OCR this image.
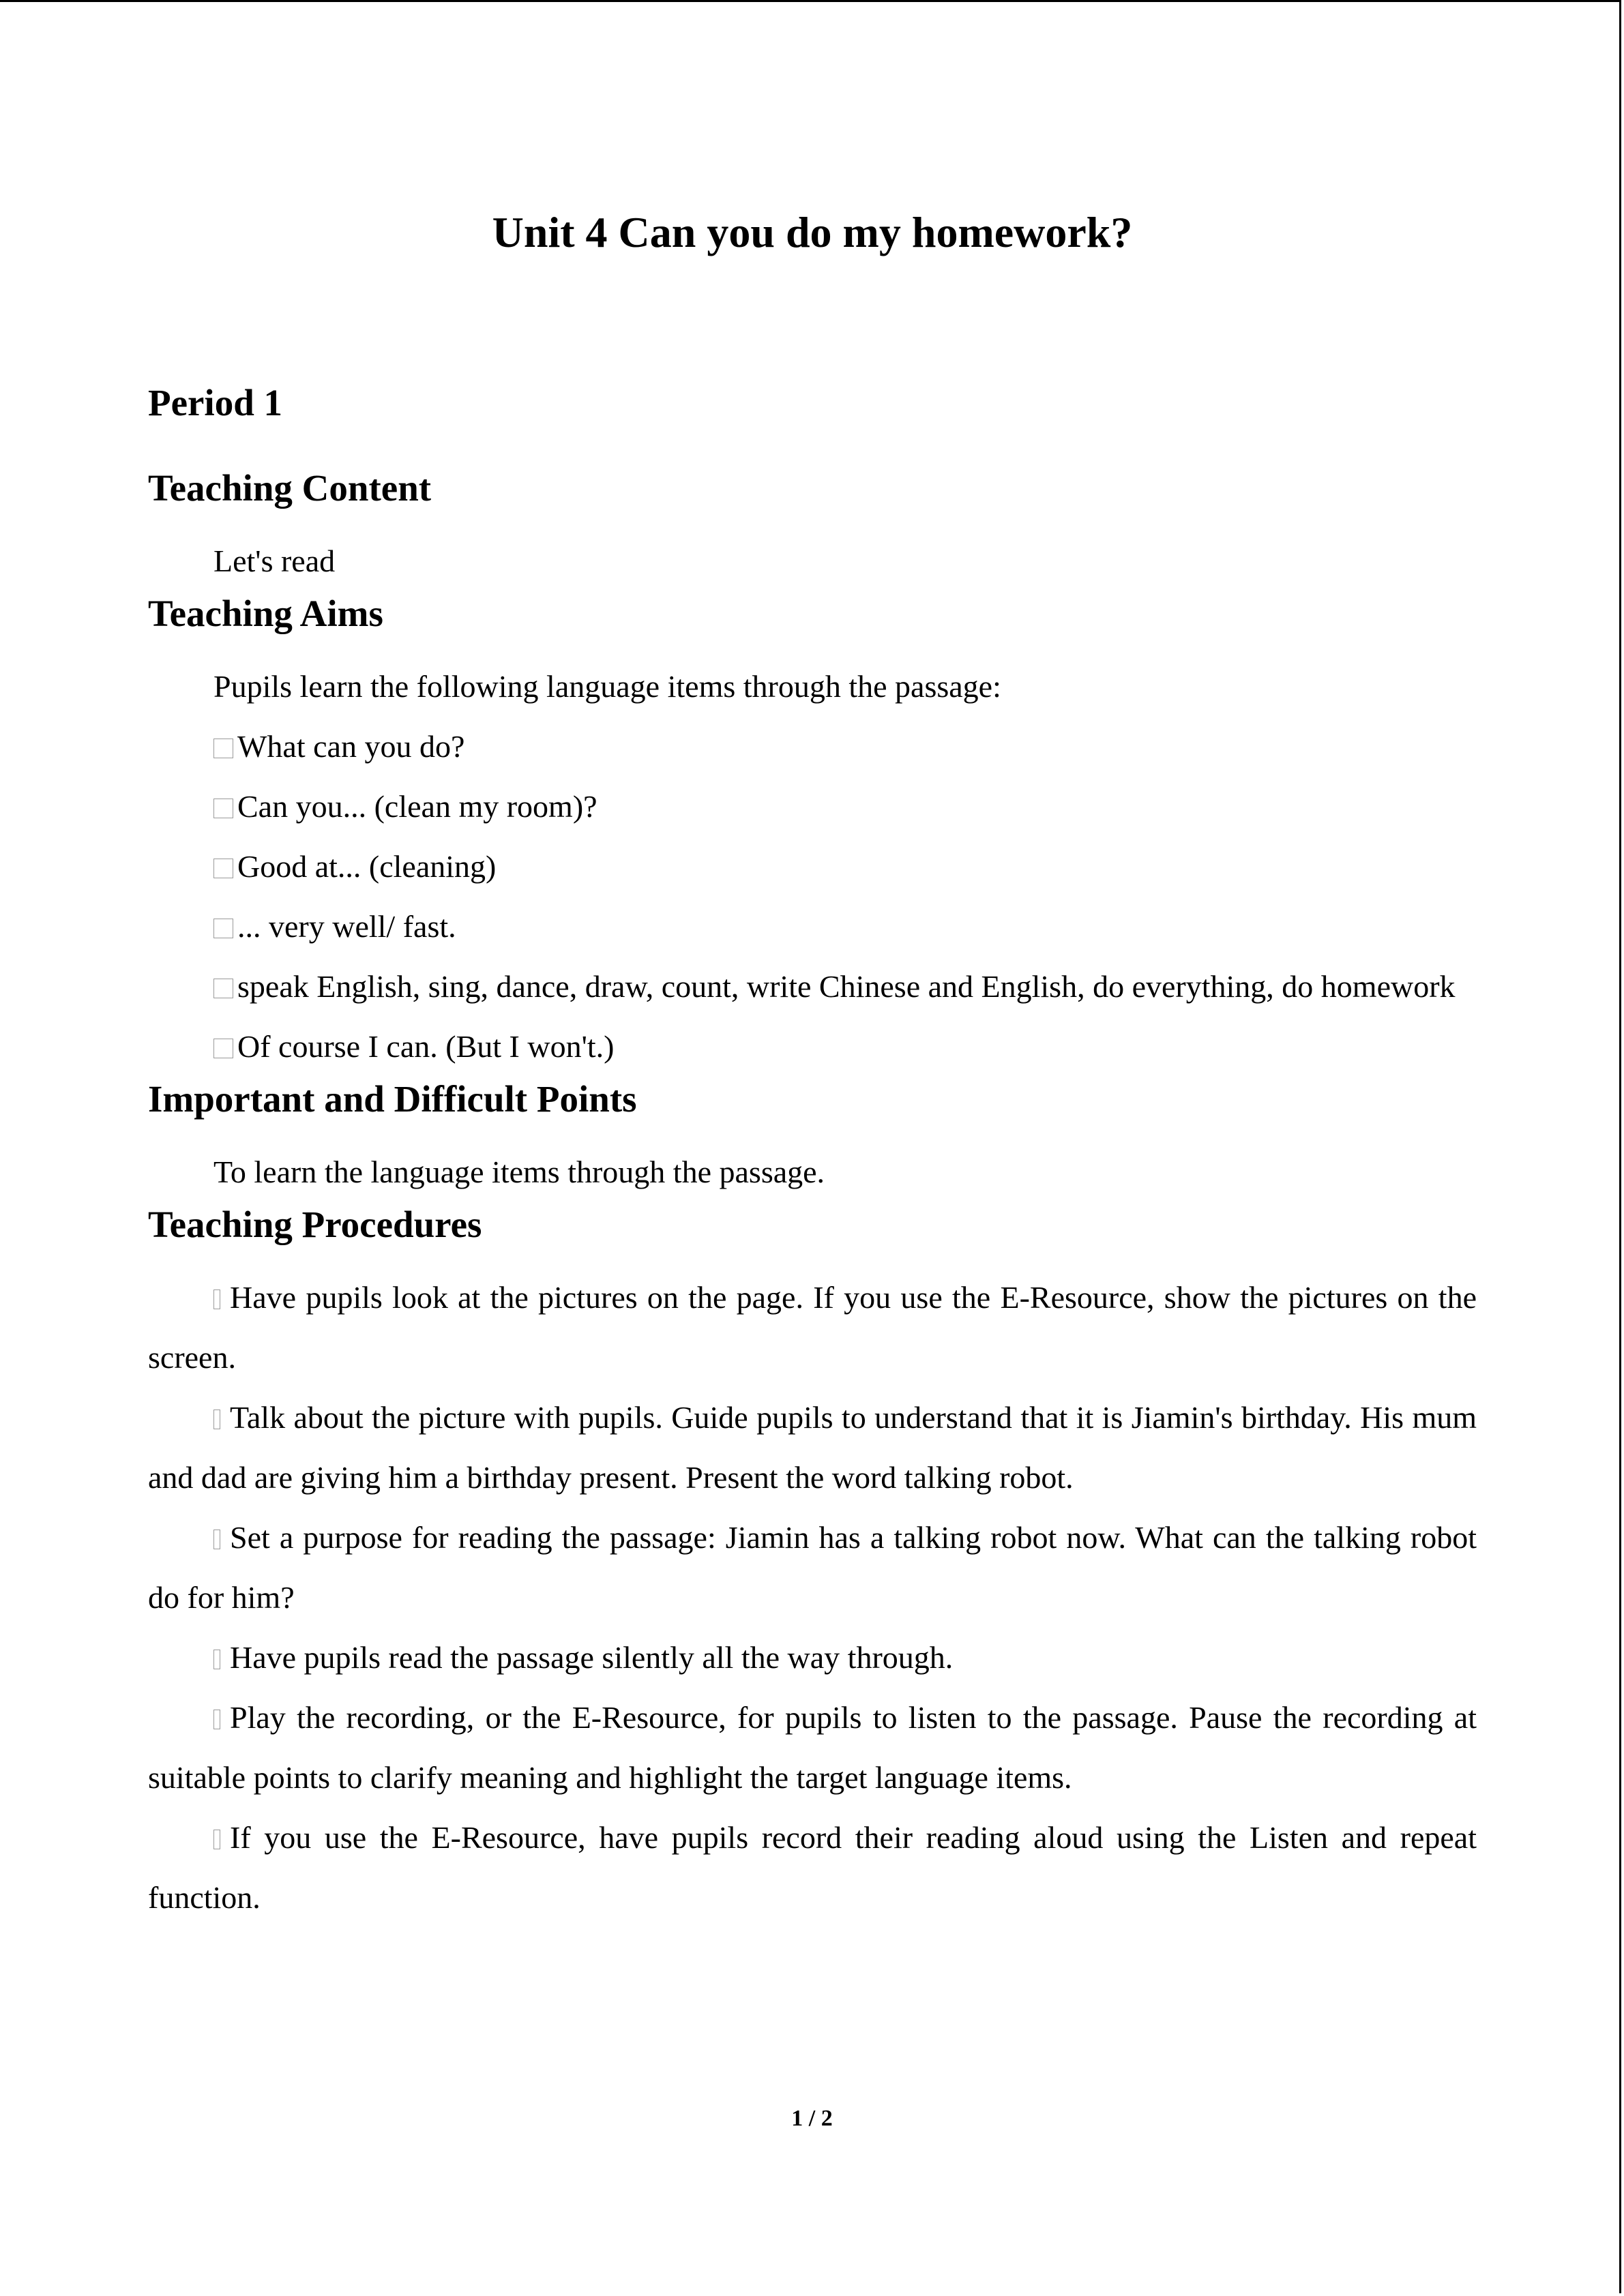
Unit 4 Can you do my homework?
Period 1
Teaching Content

Let's read

Teaching Aims

Pupils learn the following language items through the passage:

What can you do?

Can you... (clean my room)?

Good at... (cleaning)

... very well/ fast.

speak English, sing, dance, draw, count, write Chinese and English, do everything, do homework

Of course I can. (But I won't.)

Important and Difficult Points

To learn the language items through the passage.

Teaching Procedures

Have pupils look at the pictures on the page. If you use the E-Resource, show the pictures on the screen.

Talk about the picture with pupils. Guide pupils to understand that it is Jiamin's birthday. His mum and dad are giving him a birthday present. Present the word talking robot.

Set a purpose for reading the passage: Jiamin has a talking robot now. What can the talking robot do for him?

Have pupils read the passage silently all the way through.

Play the recording, or the E-Resource, for pupils to listen to the passage. Pause the recording at suitable points to clarify meaning and highlight the target language items.

If you use the E-Resource, have pupils record their reading aloud using the Listen and repeat function.

1 / 2
